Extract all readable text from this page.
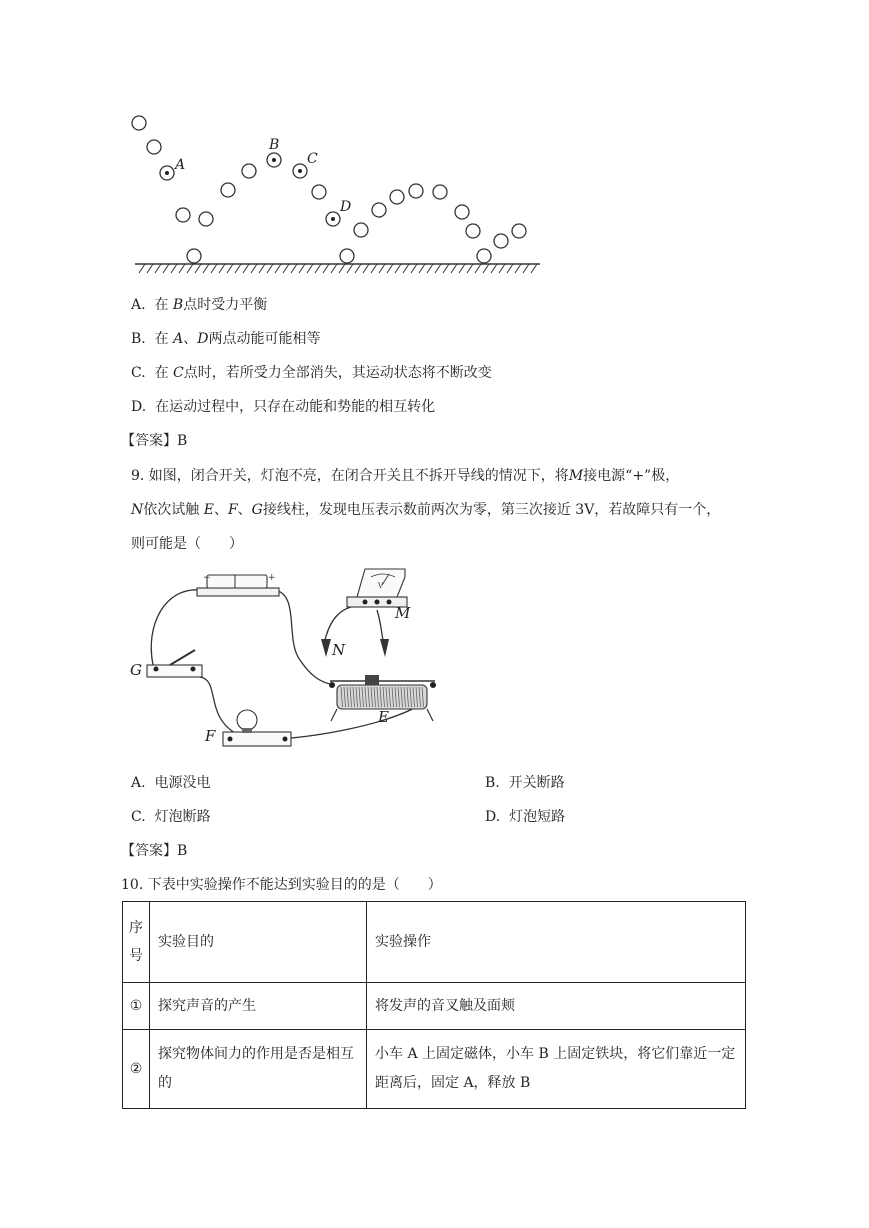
A
B
C
D
A. 在 B点时受力平衡
B. 在 A、D两点动能可能相等
C. 在 C点时，若所受力全部消失，其运动状态将不断改变
D. 在运动过程中，只存在动能和势能的相互转化
【答案】B
9. 如图，闭合开关，灯泡不亮，在闭合开关且不拆开导线的情况下，将M接电源“+”极，
N依次试触 E、F、G接线柱，发现电压表示数前两次为零，第三次接近 3V，若故障只有一个，
则可能是（　　）
−	+
V
G
F
E
N
M
A. 电源没电	B. 开关断路
C. 灯泡断路	D. 灯泡短路
【答案】B
10. 下表中实验操作不能达到实验目的的是（　　）
序号	实验目的	实验操作
①	探究声音的产生	将发声的音叉触及面颊
②	探究物体间力的作用是否是相互的	小车 A 上固定磁体，小车 B 上固定铁块，将它们靠近一定距离后，固定 A，释放 B
